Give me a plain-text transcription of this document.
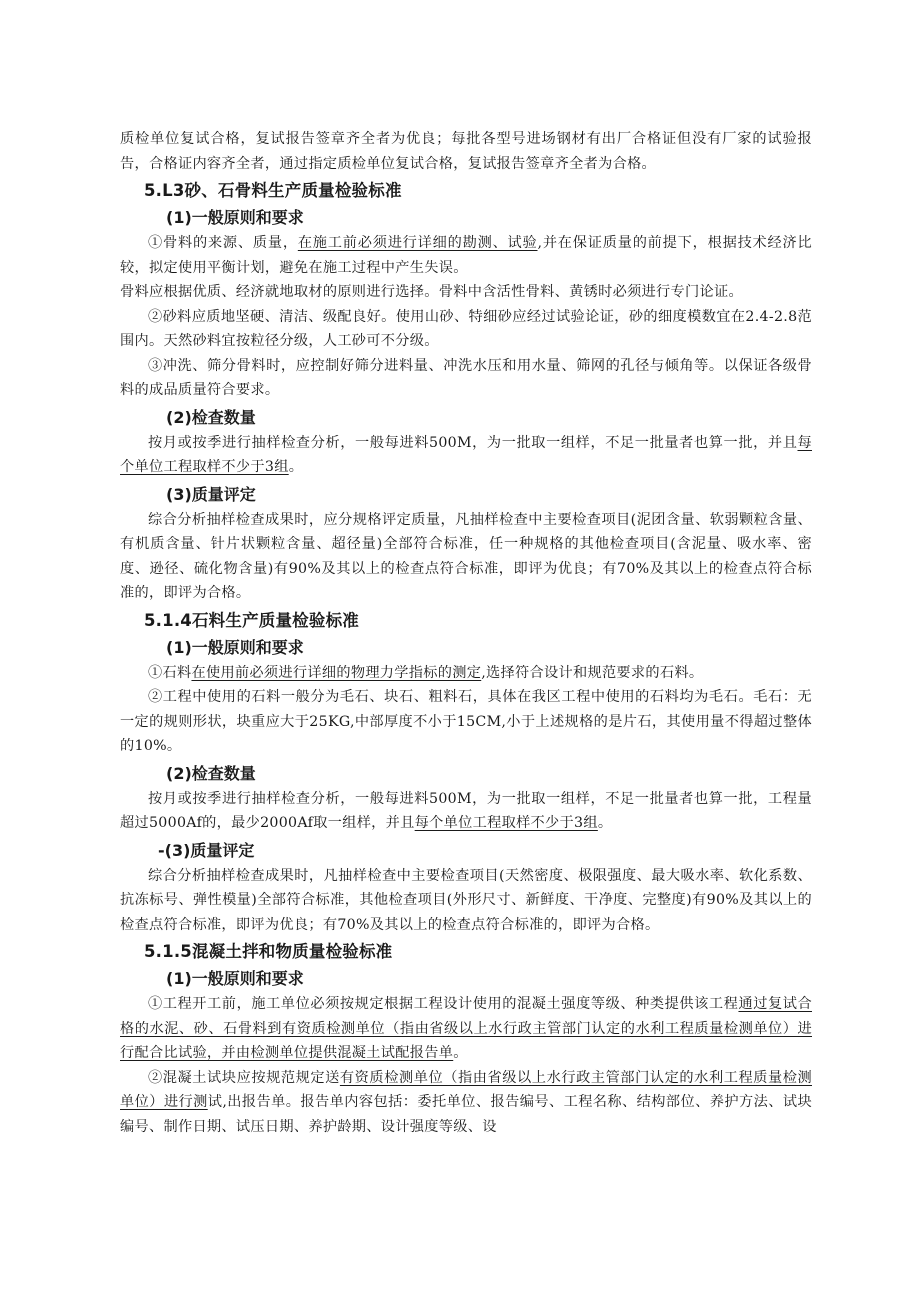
质检单位复试合格，复试报告签章齐全者为优良；每批各型号进场钢材有出厂合格证但没有厂家的试验报告，合格证内容齐全者，通过指定质检单位复试合格，复试报告签章齐全者为合格。

5.L3砂、石骨料生产质量检验标准
(1)一般原则和要求

①骨料的来源、质量，在施工前必须进行详细的勘测、试验,并在保证质量的前提下，根据技术经济比较，拟定使用平衡计划，避免在施工过程中产生失误。

骨料应根据优质、经济就地取材的原则进行选择。骨料中含活性骨料、黄锈时必须进行专门论证。

②砂料应质地坚硬、清洁、级配良好。使用山砂、特细砂应经过试验论证，砂的细度模数宜在2.4-2.8范围内。天然砂料宜按粒径分级，人工砂可不分级。

③冲洗、筛分骨料时，应控制好筛分进料量、冲洗水压和用水量、筛网的孔径与倾角等。以保证各级骨料的成品质量符合要求。

(2)检查数量

按月或按季进行抽样检查分析，一般每进料500M，为一批取一组样，不足一批量者也算一批，并且每个单位工程取样不少于3组。

(3)质量评定

综合分析抽样检查成果时，应分规格评定质量，凡抽样检查中主要检查项目(泥团含量、软弱颗粒含量、有机质含量、针片状颗粒含量、超径量)全部符合标准，任一种规格的其他检查项目(含泥量、吸水率、密度、逊径、硫化物含量)有90%及其以上的检查点符合标准，即评为优良；有70%及其以上的检查点符合标准的，即评为合格。

5.1.4石料生产质量检验标准
(1)一般原则和要求

①石料在使用前必须进行详细的物理力学指标的测定,选择符合设计和规范要求的石料。

②工程中使用的石料一般分为毛石、块石、粗料石，具体在我区工程中使用的石料均为毛石。毛石：无一定的规则形状，块重应大于25KG,中部厚度不小于15CM,小于上述规格的是片石，其使用量不得超过整体的10%。

(2)检查数量

按月或按季进行抽样检查分析，一般每进料500M，为一批取一组样，不足一批量者也算一批，工程量超过5000Af的，最少2000Af取一组样，并且每个单位工程取样不少于3组。

-(3)质量评定

综合分析抽样检查成果时，凡抽样检查中主要检查项目(天然密度、极限强度、最大吸水率、软化系数、抗冻标号、弹性模量)全部符合标准，其他检查项目(外形尺寸、新鲜度、干净度、完整度)有90%及其以上的检查点符合标准，即评为优良；有70%及其以上的检查点符合标准的，即评为合格。

5.1.5混凝土拌和物质量检验标准
(1)一般原则和要求

①工程开工前，施工单位必须按规定根据工程设计使用的混凝土强度等级、种类提供该工程通过复试合格的水泥、砂、石骨料到有资质检测单位（指由省级以上水行政主管部门认定的水利工程质量检测单位）进行配合比试验，并由检测单位提供混凝土试配报告单。

②混凝土试块应按规范规定送有资质检测单位（指由省级以上水行政主管部门认定的水利工程质量检测单位）进行测试,出报告单。报告单内容包括：委托单位、报告编号、工程名称、结构部位、养护方法、试块编号、制作日期、试压日期、养护龄期、设计强度等级、设
